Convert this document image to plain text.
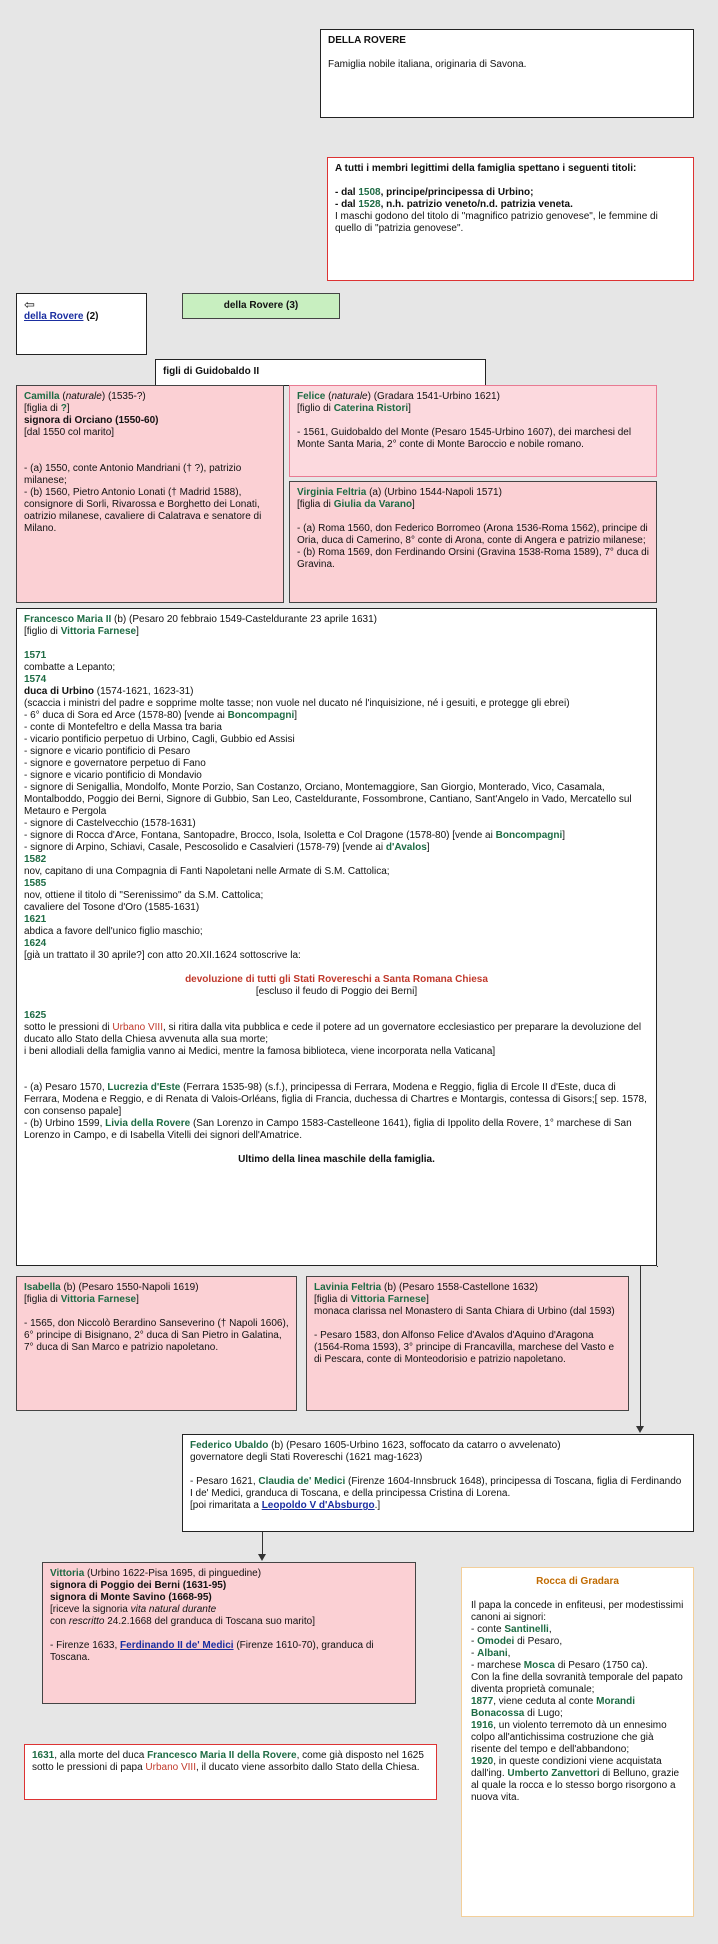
DELLA ROVERE

Famiglia nobile italiana, originaria di Savona.

A tutti i membri legittimi della famiglia spettano i seguenti titoli:

- dal 1508, principe/principessa di Urbino;

- dal 1528, n.h. patrizio veneto/n.d. patrizia veneta.

I maschi godono del titolo di "magnifico patrizio genovese", le femmine di quello di "patrizia genovese".

⇦

della Rovere (2)

della Rovere (3)
figli di Guidobaldo II

Camilla (naturale) (1535-?)

[figlia di ?]

signora di Orciano (1550-60)

[dal 1550 col marito]

- (a) 1550, conte Antonio Mandriani († ?), patrizio milanese;

- (b) 1560, Pietro Antonio Lonati († Madrid 1588), consignore di Sorli, Rivarossa e Borghetto dei Lonati, oatrizio milanese, cavaliere di Calatrava e senatore di Milano.

Felice (naturale) (Gradara 1541-Urbino 1621)

[figlio di Caterina Ristori]

- 1561, Guidobaldo del Monte (Pesaro 1545-Urbino 1607), dei marchesi del Monte Santa Maria, 2° conte di Monte Baroccio e nobile romano.

Virginia Feltria (a) (Urbino 1544-Napoli 1571)

[figlia di Giulia da Varano]

- (a) Roma 1560, don Federico Borromeo (Arona 1536-Roma 1562), principe di Oria, duca di Camerino, 8° conte di Arona, conte di Angera e patrizio milanese;

- (b) Roma 1569, don Ferdinando Orsini (Gravina 1538-Roma 1589), 7° duca di Gravina.

Francesco Maria II (b) (Pesaro 20 febbraio 1549-Casteldurante 23 aprile 1631)

[figlio di Vittoria Farnese]

1571

combatte a Lepanto;

1574

duca di Urbino (1574-1621, 1623-31)

(scaccia i ministri del padre e sopprime molte tasse; non vuole nel ducato né l'inquisizione, né i gesuiti, e protegge gli ebrei)

- 6° duca di Sora ed Arce (1578-80) [vende ai Boncompagni]

- conte di Montefeltro e della Massa tra baria

- vicario pontificio perpetuo di Urbino, Cagli, Gubbio ed Assisi

- signore e vicario pontificio di Pesaro

- signore e governatore perpetuo di Fano

- signore e vicario pontificio di Mondavio

- signore di Senigallia, Mondolfo, Monte Porzio, San Costanzo, Orciano, Montemaggiore, San Giorgio, Monterado, Vico, Casamala, Montalboddo, Poggio dei Berni, Signore di Gubbio, San Leo, Casteldurante, Fossombrone, Cantiano, Sant'Angelo in Vado, Mercatello sul Metauro e Pergola

- signore di Castelvecchio (1578-1631)

- signore di Rocca d'Arce, Fontana, Santopadre, Brocco, Isola, Isoletta e Col Dragone (1578-80) [vende ai Boncompagni]

- signore di Arpino, Schiavi, Casale, Pescosolido e Casalvieri (1578-79) [vende ai d'Avalos]

1582

nov, capitano di una Compagnia di Fanti Napoletani nelle Armate di S.M. Cattolica;

1585

nov, ottiene il titolo di "Serenissimo" da S.M. Cattolica;

cavaliere del Tosone d'Oro (1585-1631)

1621

abdica a favore dell'unico figlio maschio;

1624

[già un trattato il 30 aprile?] con atto 20.XII.1624 sottoscrive la:

devoluzione di tutti gli Stati Rovereschi a Santa Romana Chiesa

[escluso il feudo di Poggio dei Berni]

1625

sotto le pressioni di Urbano VIII, si ritira dalla vita pubblica e cede il potere ad un governatore ecclesiastico per preparare la devoluzione del ducato allo Stato della Chiesa avvenuta alla sua morte;

i beni allodiali della famiglia vanno ai Medici, mentre la famosa biblioteca, viene incorporata nella Vaticana]

- (a) Pesaro 1570, Lucrezia d'Este (Ferrara 1535-98) (s.f.), principessa di Ferrara, Modena e Reggio, figlia di Ercole II d'Este, duca di Ferrara, Modena e Reggio, e di Renata di Valois-Orléans, figlia di Francia, duchessa di Chartres e Montargis, contessa di Gisors;[ sep. 1578, con consenso papale]

- (b) Urbino 1599, Livia della Rovere (San Lorenzo in Campo 1583-Castelleone 1641), figlia di Ippolito della Rovere, 1° marchese di San Lorenzo in Campo, e di Isabella Vitelli dei signori dell'Amatrice.

Ultimo della linea maschile della famiglia.

Isabella (b) (Pesaro 1550-Napoli 1619)

[figlia di Vittoria Farnese]

- 1565, don Niccolò Berardino Sanseverino († Napoli 1606), 6° principe di Bisignano, 2° duca di San Pietro in Galatina, 7° duca di San Marco e patrizio napoletano.

Lavinia Feltria (b) (Pesaro 1558-Castellone 1632)

[figlia di Vittoria Farnese]

monaca clarissa nel Monastero di Santa Chiara di Urbino (dal 1593)

- Pesaro 1583, don Alfonso Felice d'Avalos d'Aquino d'Aragona (1564-Roma 1593), 3° principe di Francavilla, marchese del Vasto e di Pescara, conte di Monteodorisio e patrizio napoletano.

Federico Ubaldo (b) (Pesaro 1605-Urbino 1623, soffocato da catarro o avvelenato)

governatore degli Stati Rovereschi (1621 mag-1623)

- Pesaro 1621, Claudia de' Medici (Firenze 1604-Innsbruck 1648), principessa di Toscana, figlia di Ferdinando I de' Medici, granduca di Toscana, e della principessa Cristina di Lorena.

[poi rimaritata a Leopoldo V d'Absburgo.]

Vittoria (Urbino 1622-Pisa 1695, di pinguedine)

signora di Poggio dei Berni (1631-95)

signora di Monte Savino (1668-95)

[riceve la signoria vita natural durante

con rescritto 24.2.1668 del granduca di Toscana suo marito]

- Firenze 1633, Ferdinando II de' Medici (Firenze 1610-70), granduca di Toscana.

1631, alla morte del duca Francesco Maria II della Rovere, come già disposto nel 1625 sotto le pressioni di papa Urbano VIII, il ducato viene assorbito dallo Stato della Chiesa.

Rocca di Gradara

Il papa la concede in enfiteusi, per modestissimi canoni ai signori:

- conte Santinelli,

- Omodei di Pesaro,

- Albani,

- marchese Mosca di Pesaro (1750 ca).

Con la fine della sovranità temporale del papato diventa proprietà comunale;

1877, viene ceduta al conte Morandi Bonacossa di Lugo;

1916, un violento terremoto dà un ennesimo colpo all'antichissima costruzione che già risente del tempo e dell'abbandono;

1920, in queste condizioni viene acquistata dall'ing. Umberto Zanvettori di Belluno, grazie al quale la rocca e lo stesso borgo risorgono a nuova vita.
